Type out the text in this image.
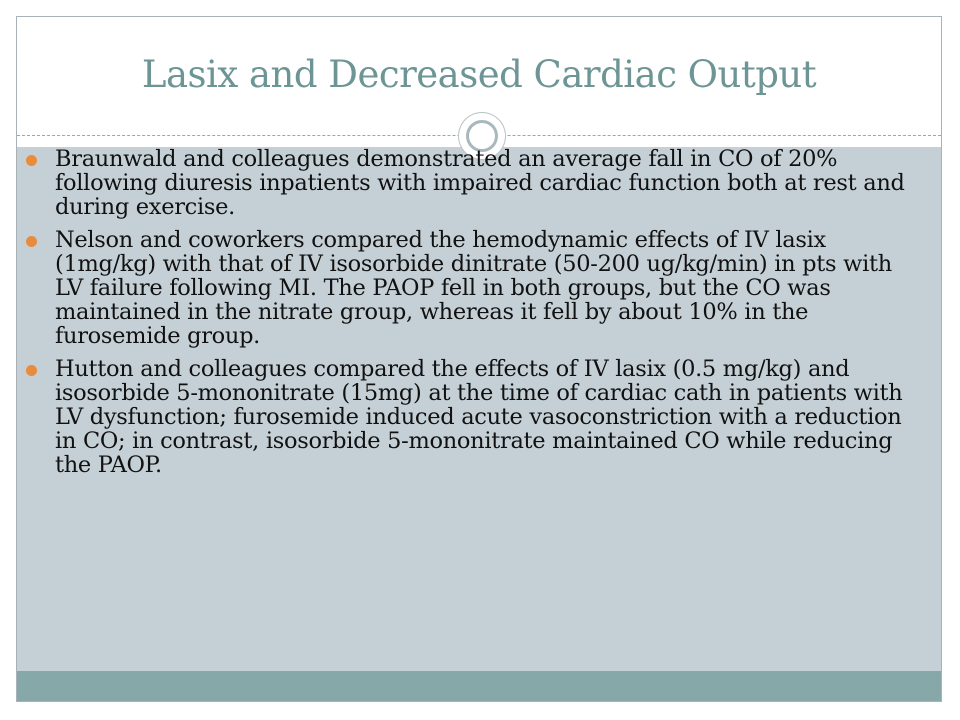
Lasix and Decreased Cardiac Output
Braunwald and colleagues demonstrated an average fall in CO of 20% following diuresis inpatients with impaired cardiac function both at rest and during exercise.
Nelson and coworkers compared the hemodynamic effects of IV lasix (1mg/kg) with that of IV isosorbide dinitrate (50-200 ug/kg/min) in pts with LV failure following MI. The PAOP fell in both groups, but the CO was maintained in the nitrate group, whereas it fell by about 10% in the furosemide group.
Hutton and colleagues compared the effects of IV lasix (0.5 mg/kg) and isosorbide 5-mononitrate (15mg) at the time of cardiac cath in patients with LV dysfunction; furosemide induced acute vasoconstriction with a reduction in CO; in contrast, isosorbide 5-mononitrate maintained CO while reducing the PAOP.
